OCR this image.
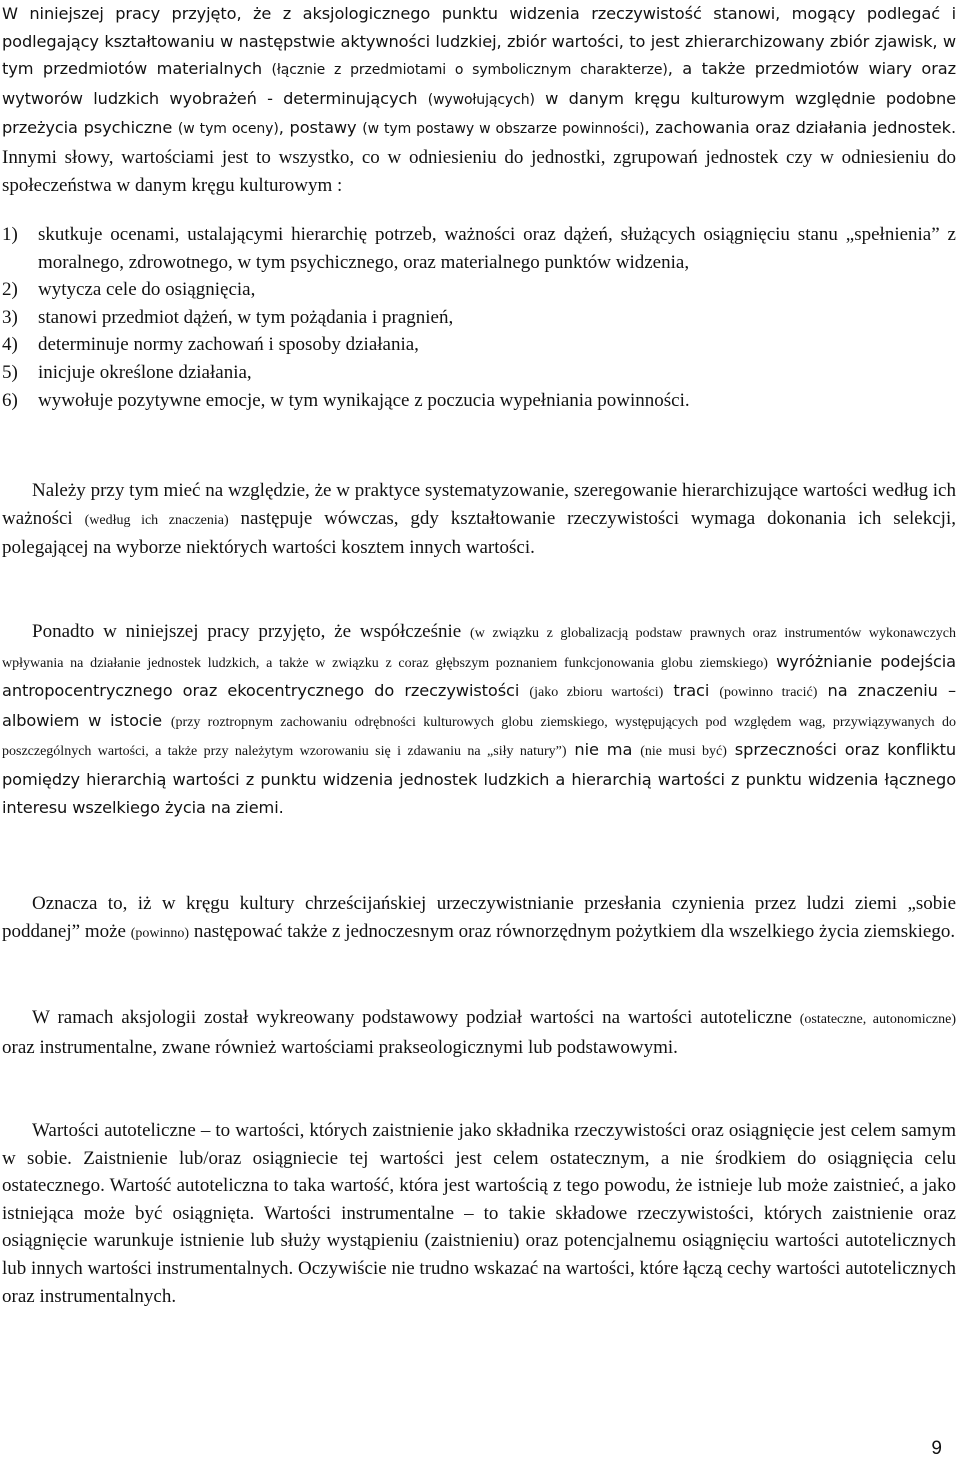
W niniejszej pracy przyjęto, że z aksjologicznego punktu widzenia rzeczywistość stanowi, mogący podlegać i podlegający kształtowaniu w następstwie aktywności ludzkiej, zbiór wartości, to jest zhierarchizowany zbiór zjawisk, w tym przedmiotów materialnych (łącznie z przedmiotami o symbolicznym charakterze), a także przedmiotów wiary oraz wytworów ludzkich wyobrażeń - determinujących (wywołujących) w danym kręgu kulturowym względnie podobne przeżycia psychiczne (w tym oceny), postawy (w tym postawy w obszarze powinności), zachowania oraz działania jednostek. Innymi słowy, wartościami jest to wszystko, co w odniesieniu do jednostki, zgrupowań jednostek czy w odniesieniu do społeczeństwa w danym kręgu kulturowym :

1) skutkuje ocenami, ustalającymi hierarchię potrzeb, ważności oraz dążeń, służących osiągnięciu stanu „spełnienia” z moralnego, zdrowotnego, w tym psychicznego, oraz materialnego punktów widzenia,
2) wytycza cele do osiągnięcia,
3) stanowi przedmiot dążeń, w tym pożądania i pragnień,
4) determinuje normy zachowań i sposoby działania,
5) inicjuje określone działania,
6) wywołuje pozytywne emocje, w tym wynikające z poczucia wypełniania powinności.

Należy przy tym mieć na względzie, że w praktyce systematyzowanie, szeregowanie hierarchizujące wartości według ich ważności (według ich znaczenia) następuje wówczas, gdy kształtowanie rzeczywistości wymaga dokonania ich selekcji, polegającej na wyborze niektórych wartości kosztem innych wartości.

Ponadto w niniejszej pracy przyjęto, że współcześnie (w związku z globalizacją podstaw prawnych oraz instrumentów wykonawczych wpływania na działanie jednostek ludzkich, a także w związku z coraz głębszym poznaniem funkcjonowania globu ziemskiego) wyróżnianie podejścia antropocentrycznego oraz ekocentrycznego do rzeczywistości (jako zbioru wartości) traci (powinno tracić) na znaczeniu – albowiem w istocie (przy roztropnym zachowaniu odrębności kulturowych globu ziemskiego, występujących pod względem wag, przywiązywanych do poszczególnych wartości, a także przy należytym wzorowaniu się i zdawaniu na „siły natury”) nie ma (nie musi być) sprzeczności oraz konfliktu pomiędzy hierarchią wartości z punktu widzenia jednostek ludzkich a hierarchią wartości z punktu widzenia łącznego interesu wszelkiego życia na ziemi.

Oznacza to, iż w kręgu kultury chrześcijańskiej urzeczywistnianie przesłania czynienia przez ludzi ziemi „sobie poddanej” może (powinno) następować także z jednoczesnym oraz równorzędnym pożytkiem dla wszelkiego życia ziemskiego.

W ramach aksjologii został wykreowany podstawowy podział wartości na wartości autoteliczne (ostateczne, autonomiczne) oraz instrumentalne, zwane również wartościami prakseologicznymi lub podstawowymi.

Wartości autoteliczne – to wartości, których zaistnienie jako składnika rzeczywistości oraz osiągnięcie jest celem samym w sobie. Zaistnienie lub/oraz osiągniecie tej wartości jest celem ostatecznym, a nie środkiem do osiągnięcia celu ostatecznego. Wartość autoteliczna to taka wartość, która jest wartością z tego powodu, że istnieje lub może zaistnieć, a jako istniejąca może być osiągnięta. Wartości instrumentalne – to takie składowe rzeczywistości, których zaistnienie oraz osiągnięcie warunkuje istnienie lub służy wystąpieniu (zaistnieniu) oraz potencjalnemu osiągnięciu wartości autotelicznych lub innych wartości instrumentalnych. Oczywiście nie trudno wskazać na wartości, które łączą cechy wartości autotelicznych oraz instrumentalnych.

9
